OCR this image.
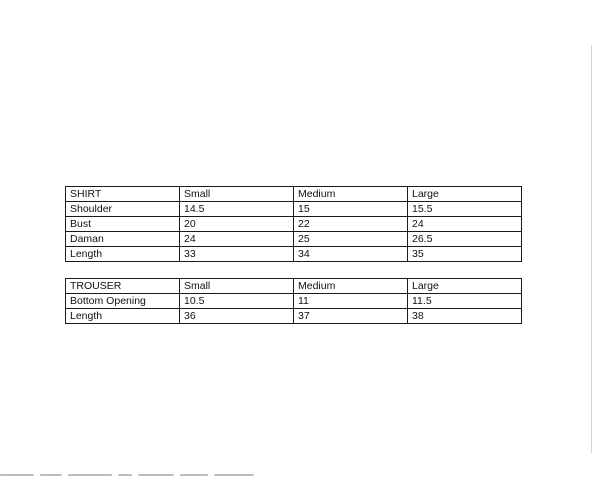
SHIRT	Small	Medium	Large
Shoulder	14.5	15	15.5
Bust	20	22	24
Daman	24	25	26.5
Length	33	34	35
TROUSER	Small	Medium	Large
Bottom Opening	10.5	11	11.5
Length	36	37	38
